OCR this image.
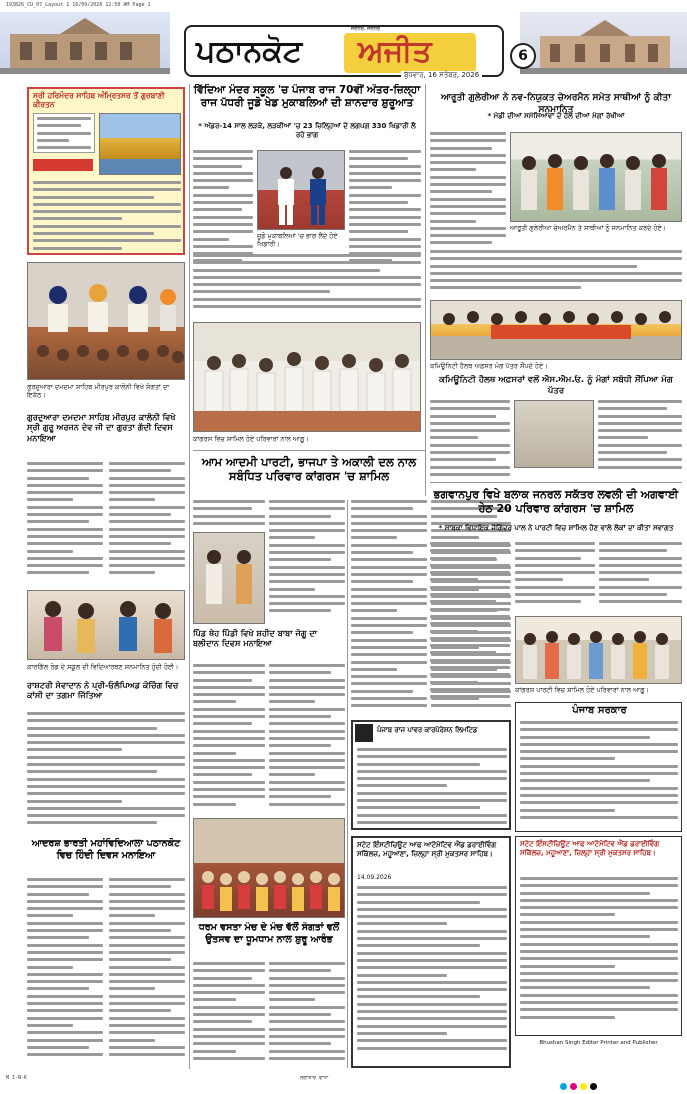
193826_CU_07_Layout 1 16/09/2026 12:50 AM Page 1
ਪਠਾਨਕੋਟ ਅਜੀਤ
ਜਲੰਧਰ, ਜਲੰਧਰ
ਬੁੱਧਵਾਰ, 16 ਸਤੰਬਰ, 2026
6
ਸ੍ਰੀ ਹਰਿਮੰਦਰ ਸਾਹਿਬ ਅੰਮ੍ਰਿਤਸਰ ਤੋਂ ਗੁਰਬਾਣੀ ਕੀਰਤਨ

ਗੁਰਦੁਆਰਾ ਦਮਦਮਾ ਸਾਹਿਬ ਮੀਰਪੁਰ ਕਾਲੋਨੀ ਵਿਖੇ ਸੰਗਤਾਂ ਦਾ ਇਕੱਠ।
ਗੁਰਦੁਆਰਾ ਦਮਦਮਾ ਸਾਹਿਬ ਮੀਰਪੁਰ ਕਾਲੋਨੀ ਵਿਖੇ ਸ੍ਰੀ ਗੁਰੂ ਅਰਜਨ ਦੇਵ ਜੀ ਦਾ ਗੁਰਤਾ ਗੱਦੀ ਦਿਵਸ ਮਨਾਇਆ
ਕਾਰਗਿੱਲ ਰੋਡ ਦੇ ਸਕੂਲ ਦੀ ਵਿਦਿਆਰਥਣ ਸਨਮਾਨਿਤ ਹੁੰਦੀ ਹੋਈ।
ਰਾਸ਼ਟਰੀ ਸੇਵਾਦਾਨ ਨੇ ਪ੍ਰੀ-ਓਲੰਪਿਅਡ ਕੋਚਿੰਗ ਵਿਚ ਕਾਂਸੀ ਦਾ ਤਗਮਾ ਜਿੱਤਿਆ
ਆਦਰਸ਼ ਭਾਰਤੀ ਮਹਾਂਵਿਦਿਆਲਾ ਪਠਾਨਕੋਟ ਵਿਚ ਹਿੰਦੀ ਦਿਵਸ ਮਨਾਇਆ
ਵਿੱਦਿਆ ਮੰਦਰ ਸਕੂਲ 'ਚ ਪੰਜਾਬ ਰਾਜ 70ਵੀਂ ਅੰਤਰ-ਜ਼ਿਲ੍ਹਾ ਰਾਜ ਪੱਧਰੀ ਜੂਡੋ ਖੇਡ ਮੁਕਾਬਲਿਆਂ ਦੀ ਸ਼ਾਨਦਾਰ ਸ਼ੁਰੂਆਤ
* ਅੰਡਰ-14 ਸਾਲ ਲੜਕੇ, ਲੜਕੀਆਂ 'ਚ 23 ਜ਼ਿਲ੍ਹਿਆਂ ਦੇ ਲਗਪਗ 330 ਖਿਡਾਰੀ ਲੈ ਰਹੇ ਭਾਗ
ਜੂਡੋ ਮੁਕਾਬਲਿਆਂ 'ਚ ਭਾਗ ਲੈਂਦੇ ਹੋਏ ਖਿਡਾਰੀ।
ਕਾਂਗਰਸ ਵਿਚ ਸ਼ਾਮਿਲ ਹੋਏ ਪਰਿਵਾਰਾਂ ਨਾਲ ਆਗੂ।
ਆਮ ਆਦਮੀ ਪਾਰਟੀ, ਭਾਜਪਾ ਤੇ ਅਕਾਲੀ ਦਲ ਨਾਲ ਸਬੰਧਿਤ ਪਰਿਵਾਰ ਕਾਂਗਰਸ 'ਚ ਸ਼ਾਮਿਲ
ਪਿੰਡ ਥੇਹ ਪਿੰਡੀ ਵਿਖੇ ਸ਼ਹੀਦ ਬਾਬਾ ਜੋਗੂ ਦਾ ਬਲੀਦਾਨ ਦਿਵਸ ਮਨਾਇਆ
ਧਰਮ ਵਸਤਾ ਮੰਚ ਦੇ ਮੰਚ ਵੱਲੋਂ ਸੰਗਤਾਂ ਵਲੋਂ ਉਤਸਵ ਦਾ ਧੂਮਧਾਮ ਨਾਲ ਸ਼ੁਰੂ ਆਰੰਭ
ਪੰਜਾਬ ਰਾਜ ਪਾਵਰ ਕਾਰਪੋਰੇਸ਼ਨ ਲਿਮਟਿਡ
ਸਟੇਟ ਇੰਸਟੀਚਿਊਟ ਆਫ ਆਟੋਮੋਟਿਵ ਐਂਡ ਡਰਾਈਵਿੰਗ ਸਕਿੱਲਜ਼, ਮਹੂਆਣਾ, ਜ਼ਿਲ੍ਹਾ ਸ੍ਰੀ ਮੁਕਤਸਰ ਸਾਹਿਬ।
14.09.2026
ਆਰੂਤੀ ਗੁਲੇਰੀਆ ਨੇ ਨਵ-ਨਿਯੁਕਤ ਚੇਅਰਮੈਨ ਸਮੇਤ ਸਾਥੀਆਂ ਨੂੰ ਕੀਤਾ ਸਨਮਾਨਿਤ
* ਮੰਡੀ ਦੀਆਂ ਸਮੱਸਿਆਵਾਂ ਦੇ ਹੱਲ ਦੀਆਂ ਮੰਗਾਂ ਰੱਖੀਆਂ
ਆਰੂਤੀ ਗੁਲੇਰੀਆ ਚੇਅਰਮੈਨ ਤੇ ਸਾਥੀਆਂ ਨੂੰ ਸਨਮਾਨਿਤ ਕਰਦੇ ਹੋਏ।
ਕਮਿਊਨਿਟੀ ਹੈਲਥ ਅਫ਼ਸਰ ਮੰਗ ਪੱਤਰ ਸੌਂਪਦੇ ਹੋਏ।
ਕਮਿਊਨਿਟੀ ਹੈਲਥ ਅਫ਼ਸਰਾਂ ਵਲੋਂ ਐਸ.ਐਮ.ਓ. ਨੂੰ ਮੰਗਾਂ ਸਬੰਧੀ ਸੌਂਪਿਆ ਮੰਗ ਪੱਤਰ
ਭਗਵਾਨਪੁਰ ਵਿਖੇ ਬਲਾਕ ਜਨਰਲ ਸਕੱਤਰ ਲਵਲੀ ਦੀ ਅਗਵਾਈ ਹੇਠ 20 ਪਰਿਵਾਰ ਕਾਂਗਰਸ 'ਚ ਸ਼ਾਮਿਲ
* ਸਾਬਕਾ ਵਿਧਾਇਕ ਜੋਗਿੰਦਰ ਪਾਲ ਨੇ ਪਾਰਟੀ ਵਿਚ ਸ਼ਾਮਿਲ ਹੋਣ ਵਾਲੇ ਲੋਕਾਂ ਦਾ ਕੀਤਾ ਸਵਾਗਤ
ਕਾਂਗਰਸ ਪਾਰਟੀ ਵਿਚ ਸ਼ਾਮਿਲ ਹੋਏ ਪਰਿਵਾਰਾਂ ਨਾਲ ਆਗੂ।
ਪੰਜਾਬ ਸਰਕਾਰ
ਸਟੇਟ ਇੰਸਟੀਚਿਊਟ ਆਫ ਆਟੋਮੋਟਿਵ ਐਂਡ ਡਰਾਈਵਿੰਗ ਸਕਿੱਲਜ਼, ਮਹੂਆਣਾ, ਜ਼ਿਲ੍ਹਾ ਸ੍ਰੀ ਮੁਕਤਸਰ ਸਾਹਿਬ।
Bhushan Singh Editor Printer and Publisher
M I-N-K	ਲਗਾਤਾਰ ਵਾਧਾ
